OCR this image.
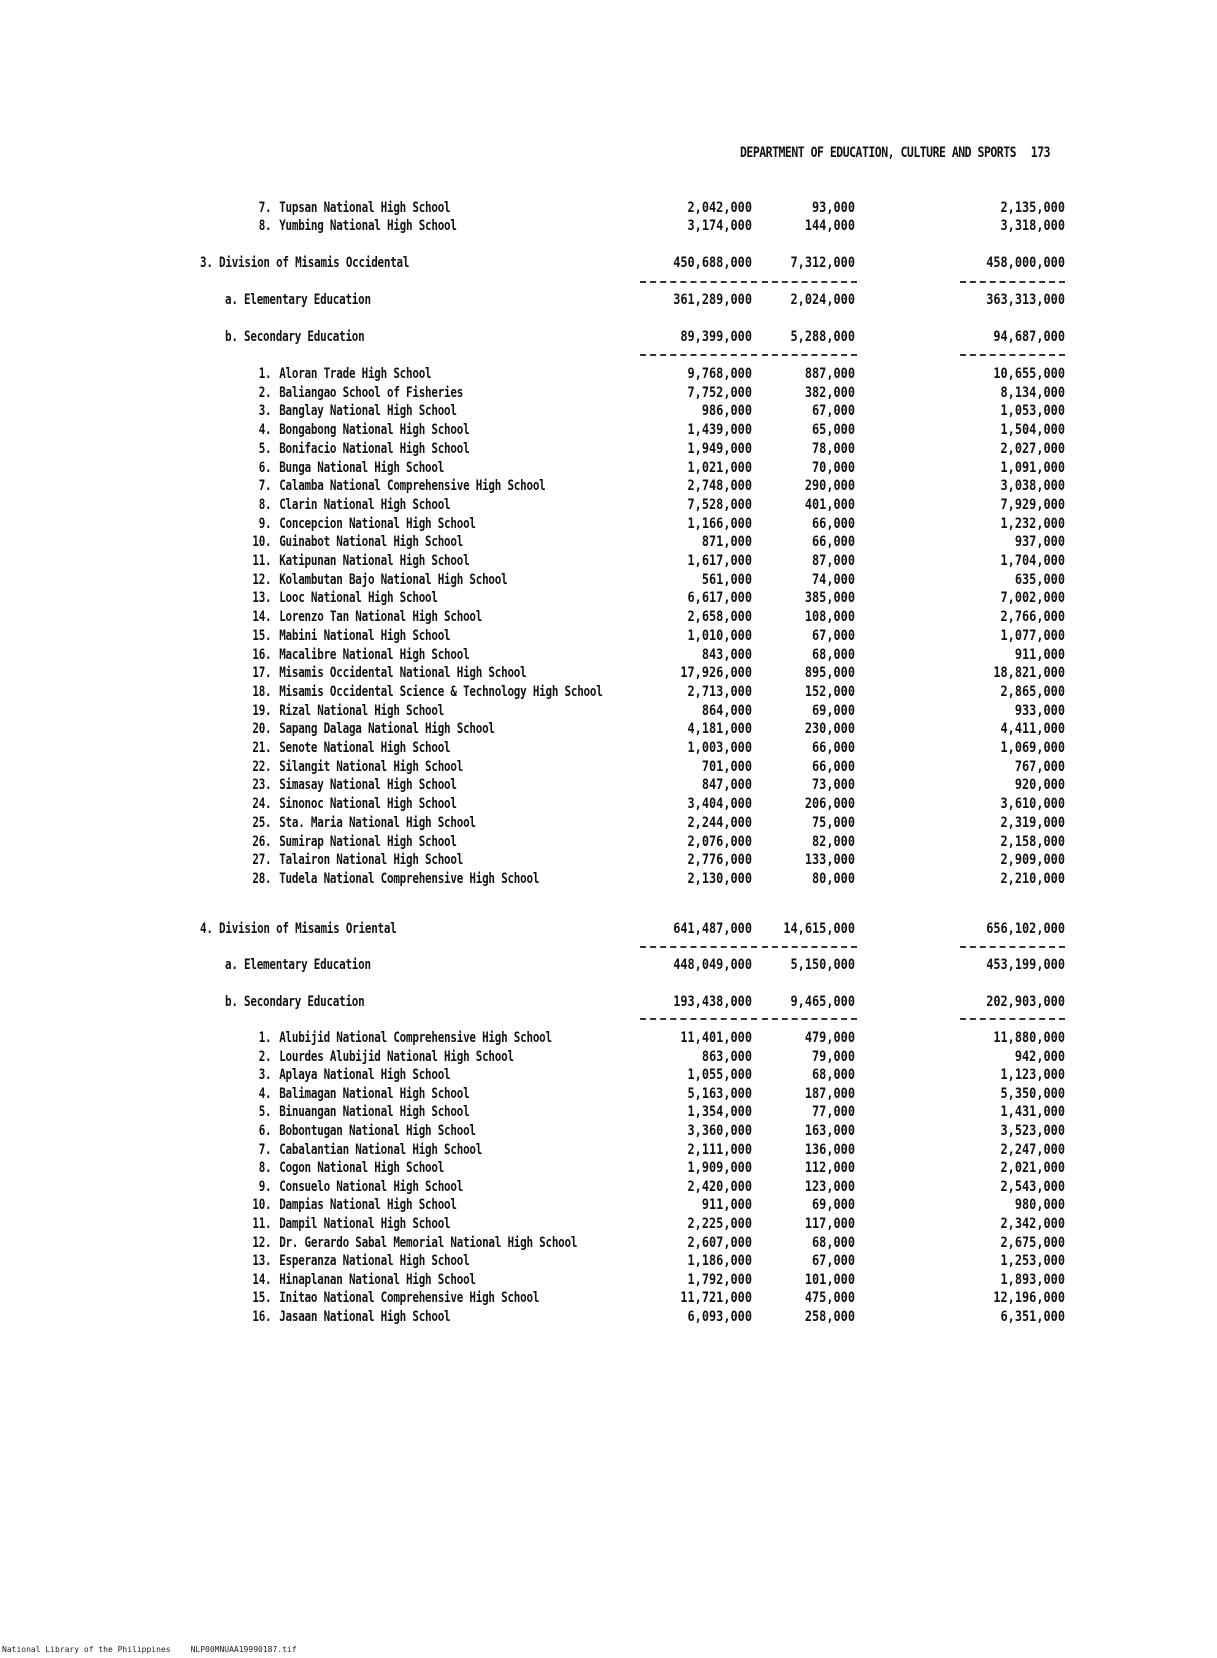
DEPARTMENT OF EDUCATION, CULTURE AND SPORTS 173
7. Tupsan National High School	2,042,000	93,000	2,135,000
8. Yumbing National High School	3,174,000	144,000	3,318,000
3. Division of Misamis Occidental	450,688,000	7,312,000	458,000,000
a. Elementary Education	361,289,000	2,024,000	363,313,000
b. Secondary Education	89,399,000	5,288,000	94,687,000
1. Aloran Trade High School	9,768,000	887,000	10,655,000
2. Baliangao School of Fisheries	7,752,000	382,000	8,134,000
3. Banglay National High School	986,000	67,000	1,053,000
4. Bongabong National High School	1,439,000	65,000	1,504,000
5. Bonifacio National High School	1,949,000	78,000	2,027,000
6. Bunga National High School	1,021,000	70,000	1,091,000
7. Calamba National Comprehensive High School	2,748,000	290,000	3,038,000
8. Clarin National High School	7,528,000	401,000	7,929,000
9. Concepcion National High School	1,166,000	66,000	1,232,000
10. Guinabot National High School	871,000	66,000	937,000
11. Katipunan National High School	1,617,000	87,000	1,704,000
12. Kolambutan Bajo National High School	561,000	74,000	635,000
13. Looc National High School	6,617,000	385,000	7,002,000
14. Lorenzo Tan National High School	2,658,000	108,000	2,766,000
15. Mabini National High School	1,010,000	67,000	1,077,000
16. Macalibre National High School	843,000	68,000	911,000
17. Misamis Occidental National High School	17,926,000	895,000	18,821,000
18. Misamis Occidental Science & Technology High School	2,713,000	152,000	2,865,000
19. Rizal National High School	864,000	69,000	933,000
20. Sapang Dalaga National High School	4,181,000	230,000	4,411,000
21. Senote National High School	1,003,000	66,000	1,069,000
22. Silangit National High School	701,000	66,000	767,000
23. Simasay National High School	847,000	73,000	920,000
24. Sinonoc National High School	3,404,000	206,000	3,610,000
25. Sta. Maria National High School	2,244,000	75,000	2,319,000
26. Sumirap National High School	2,076,000	82,000	2,158,000
27. Talairon National High School	2,776,000	133,000	2,909,000
28. Tudela National Comprehensive High School	2,130,000	80,000	2,210,000
4. Division of Misamis Oriental	641,487,000	14,615,000	656,102,000
a. Elementary Education	448,049,000	5,150,000	453,199,000
b. Secondary Education	193,438,000	9,465,000	202,903,000
1. Alubijid National Comprehensive High School	11,401,000	479,000	11,880,000
2. Lourdes Alubijid National High School	863,000	79,000	942,000
3. Aplaya National High School	1,055,000	68,000	1,123,000
4. Balimagan National High School	5,163,000	187,000	5,350,000
5. Binuangan National High School	1,354,000	77,000	1,431,000
6. Bobontugan National High School	3,360,000	163,000	3,523,000
7. Cabalantian National High School	2,111,000	136,000	2,247,000
8. Cogon National High School	1,909,000	112,000	2,021,000
9. Consuelo National High School	2,420,000	123,000	2,543,000
10. Dampias National High School	911,000	69,000	980,000
11. Dampil National High School	2,225,000	117,000	2,342,000
12. Dr. Gerardo Sabal Memorial National High School	2,607,000	68,000	2,675,000
13. Esperanza National High School	1,186,000	67,000	1,253,000
14. Hinaplanan National High School	1,792,000	101,000	1,893,000
15. Initao National Comprehensive High School	11,721,000	475,000	12,196,000
16. Jasaan National High School	6,093,000	258,000	6,351,000
National Library of the Philippines	NLP00MNUAA19990187.tif
